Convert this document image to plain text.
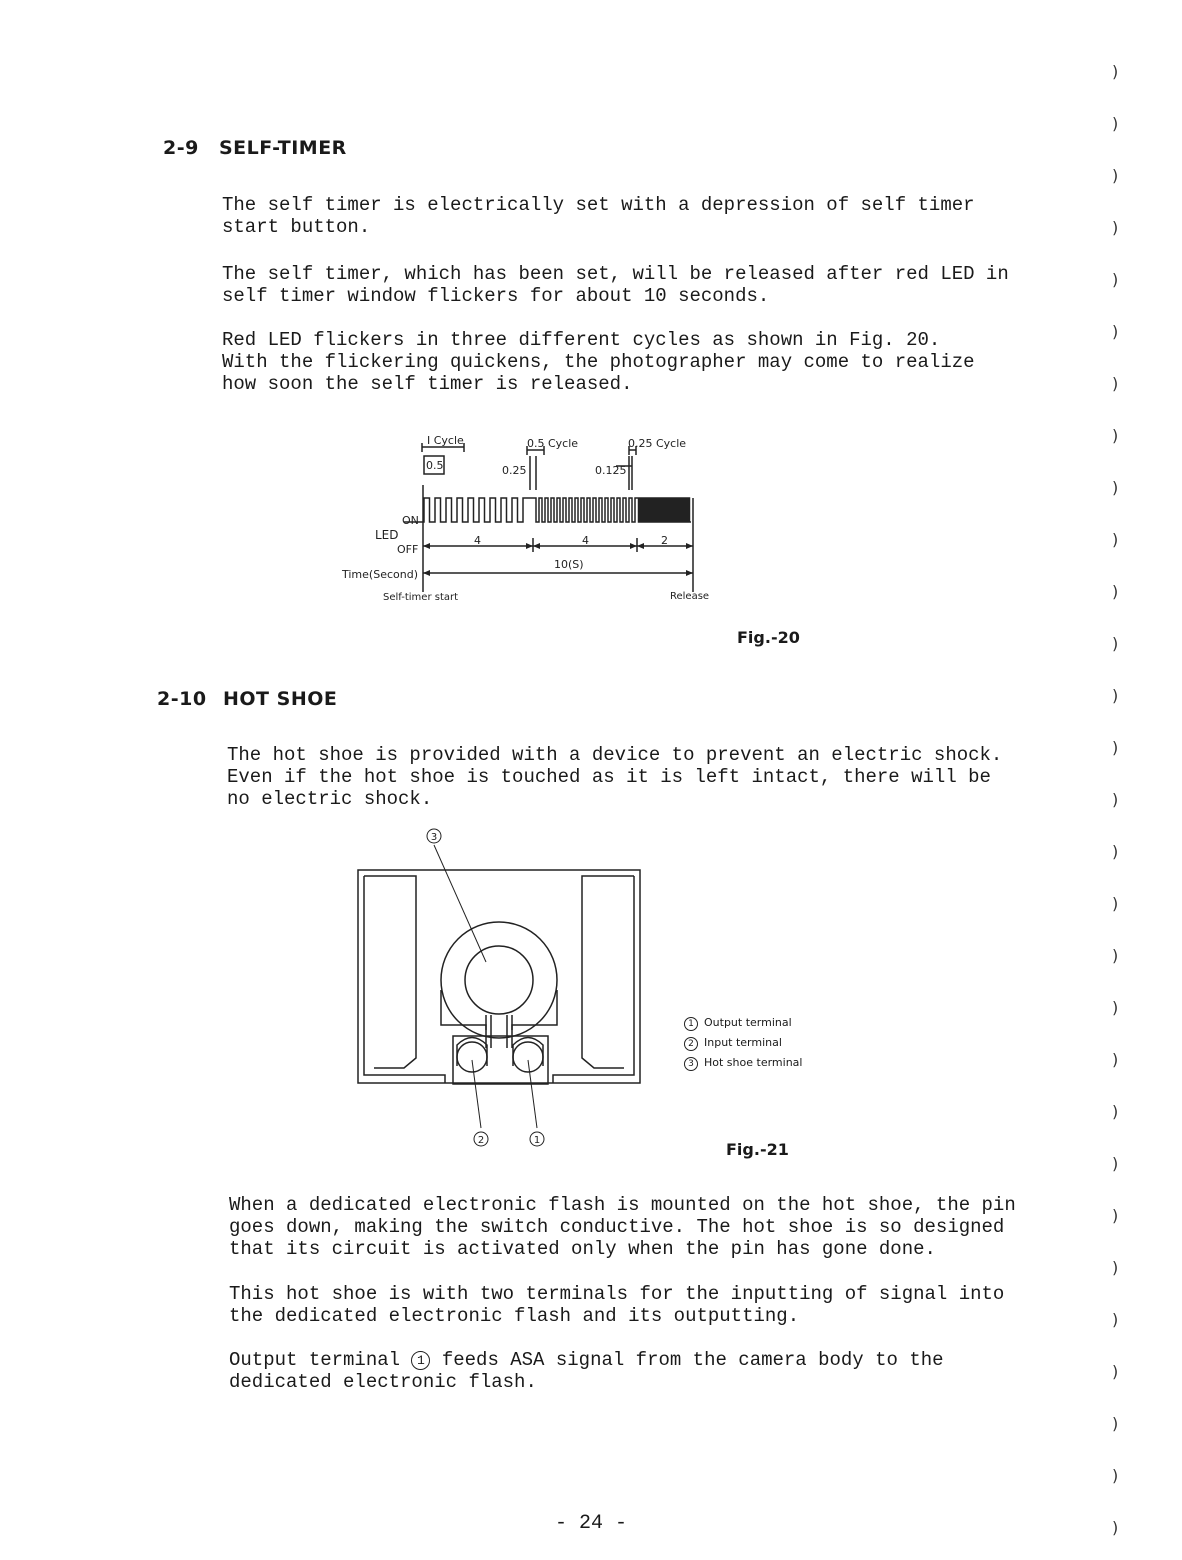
2-9 SELF-TIMER
The self timer is electrically set with a depression of self timer
start button.
The self timer, which has been set, will be released after red LED in
self timer window flickers for about 10 seconds.
Red LED flickers in three different cycles as shown in Fig. 20.
With the flickering quickens, the photographer may come to realize
how soon the self timer is released.
I Cycle	0.5 Cycle	0.25 Cycle
0.5	0.25	0.125
ON
LED
OFF
4	4	2
10(S)
Time(Second)
Self-timer start	Release
Fig.-20
2-10 HOT SHOE
The hot shoe is provided with a device to prevent an electric shock.
Even if the hot shoe is touched as it is left intact, there will be
no electric shock.
3
2	1
1 Output terminal
2 Input terminal
3 Hot shoe terminal
Fig.-21
When a dedicated electronic flash is mounted on the hot shoe, the pin
goes down, making the switch conductive. The hot shoe is so designed
that its circuit is activated only when the pin has gone done.
This hot shoe is with two terminals for the inputting of signal into
the dedicated electronic flash and its outputting.
Output terminal 1 feeds ASA signal from the camera body to the
dedicated electronic flash.
- 24 -
)
)
)
)
)
)
)
)
)
)
)
)
)
)
)
)
)
)
)
)
)
)
)
)
)
)
)
)
)
